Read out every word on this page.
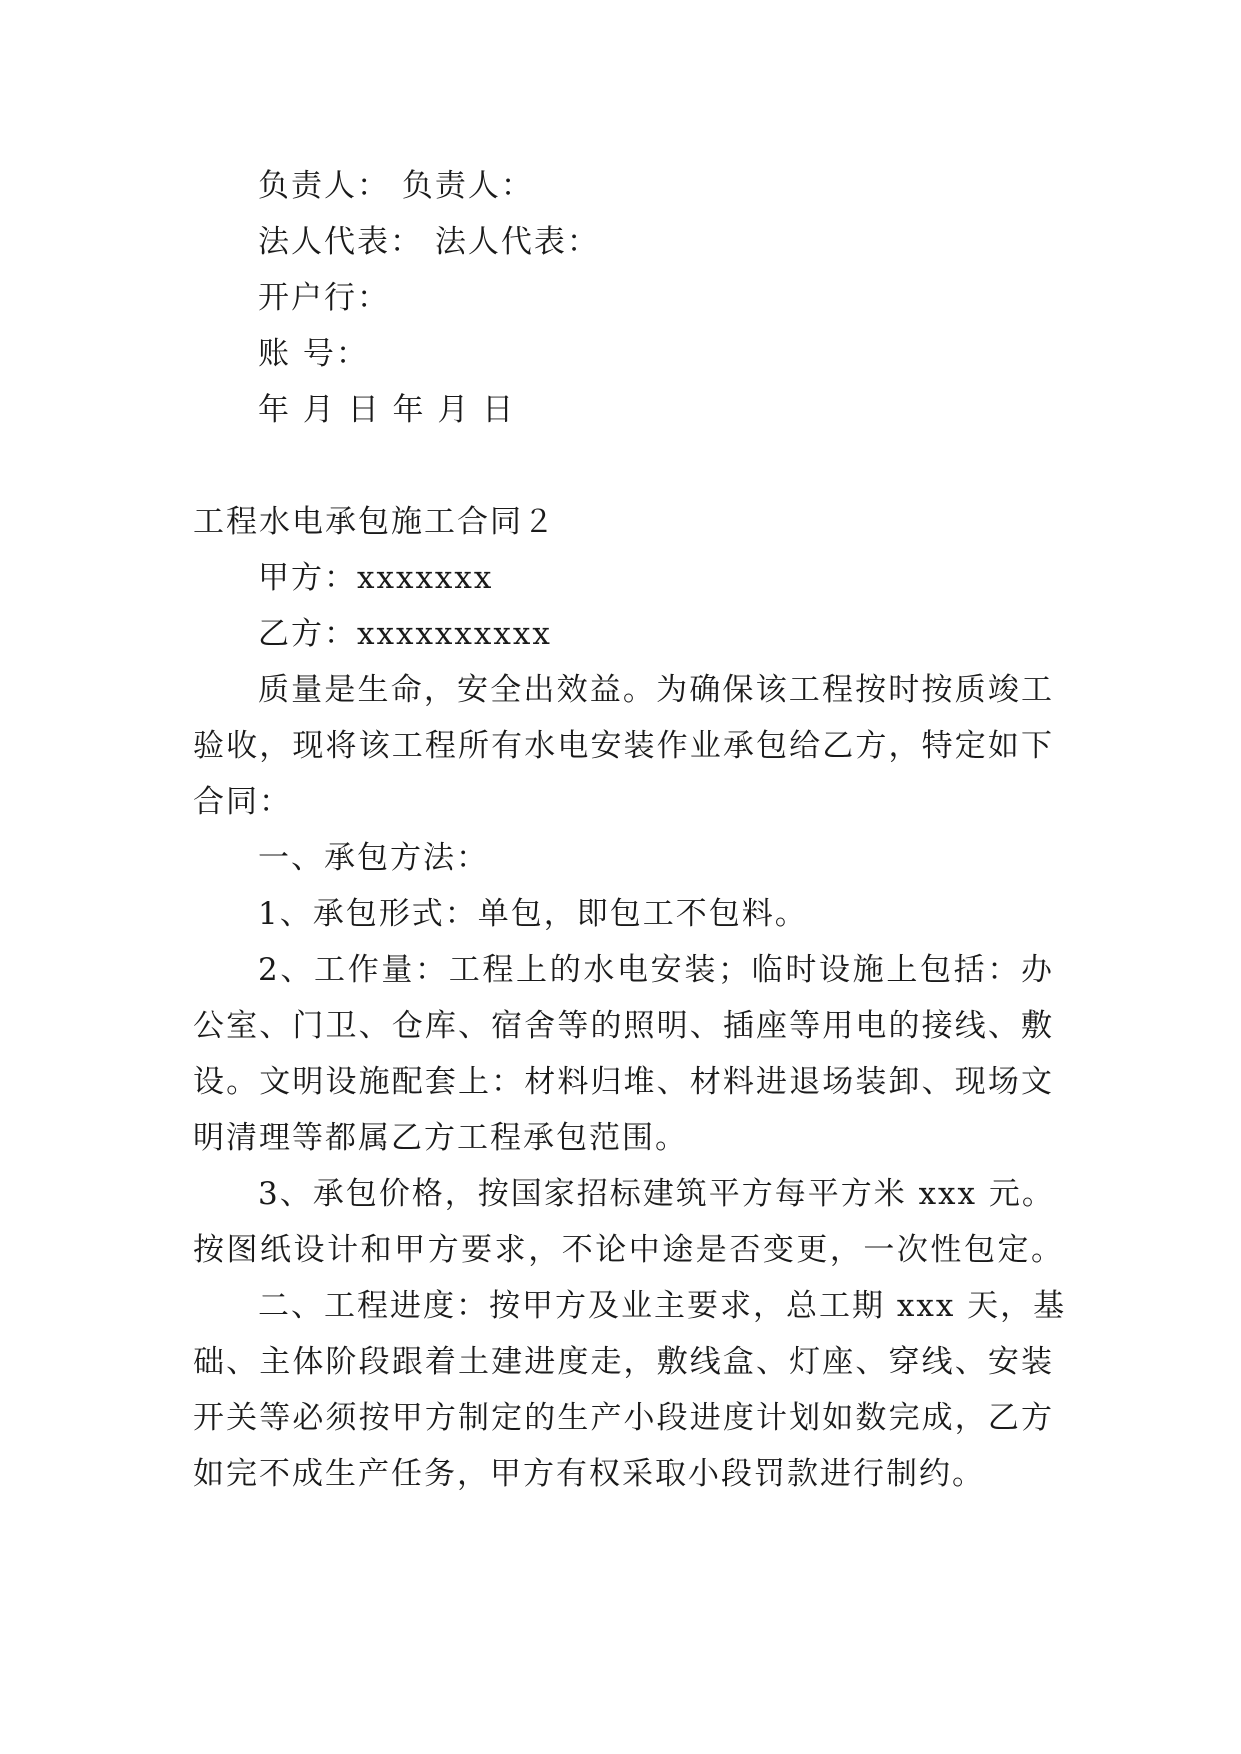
负责人： 负责人：
法人代表： 法人代表：
开户行：
账 号：
年 月 日 年 月 日
工程水电承包施工合同２
甲方：xxxxxxx
乙方：xxxxxxxxxx
质量是生命，安全出效益。为确保该工程按时按质竣工
验收，现将该工程所有水电安装作业承包给乙方，特定如下
合同：
一、承包方法：
1、承包形式：单包，即包工不包料。
2、工作量：工程上的水电安装；临时设施上包括：办
公室、门卫、仓库、宿舍等的照明、插座等用电的接线、敷
设。文明设施配套上：材料归堆、材料进退场装卸、现场文
明清理等都属乙方工程承包范围。
3、承包价格，按国家招标建筑平方每平方米 xxx 元。
按图纸设计和甲方要求，不论中途是否变更，一次性包定。
二、工程进度：按甲方及业主要求，总工期 xxx 天，基
础、主体阶段跟着土建进度走，敷线盒、灯座、穿线、安装
开关等必须按甲方制定的生产小段进度计划如数完成，乙方
如完不成生产任务，甲方有权采取小段罚款进行制约。
